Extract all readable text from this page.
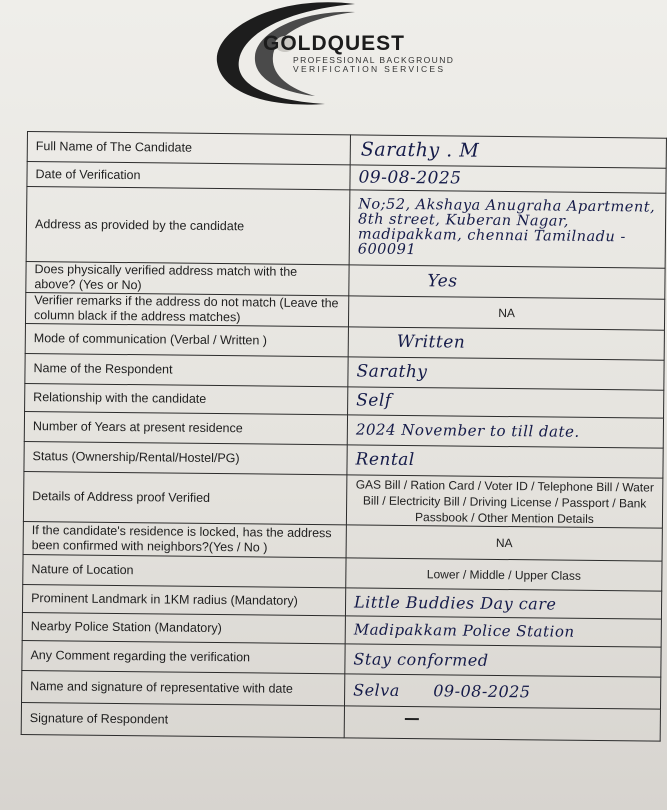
GOLDQUEST
PROFESSIONAL BACKGROUND
VERIFICATION SERVICES
Full Name of The Candidate	Sarathy . M

Date of Verification	09-08-2025

Address as provided by the candidate	No;52, Akshaya Anugraha Apartment, 8th street, Kuberan Nagar, madipakkam, chennai Tamilnadu - 600091

Does physically verified address match with the above? (Yes or No)	Yes

Verifier remarks if the address do not match (Leave the column black if the address matches)	NA

Mode of communication (Verbal / Written )	Written

Name of the Respondent	Sarathy

Relationship with the candidate	Self

Number of Years at present residence	2024 November to till date.

Status (Ownership/Rental/Hostel/PG)	Rental

Details of Address proof Verified	GAS Bill / Ration Card / Voter ID / Telephone Bill / Water Bill / Electricity Bill / Driving License / Passport / Bank Passbook / Other Mention Details

If the candidate's residence is locked, has the address been confirmed with neighbors?(Yes / No )	NA

Nature of Location	Lower / Middle / Upper Class

Prominent Landmark in 1KM radius (Mandatory)	Little Buddies Day care

Nearby Police Station (Mandatory)	Madipakkam Police Station

Any Comment regarding the verification	Stay conformed

Name and signature of representative with date	Selva      09-08-2025

Signature of Respondent	
